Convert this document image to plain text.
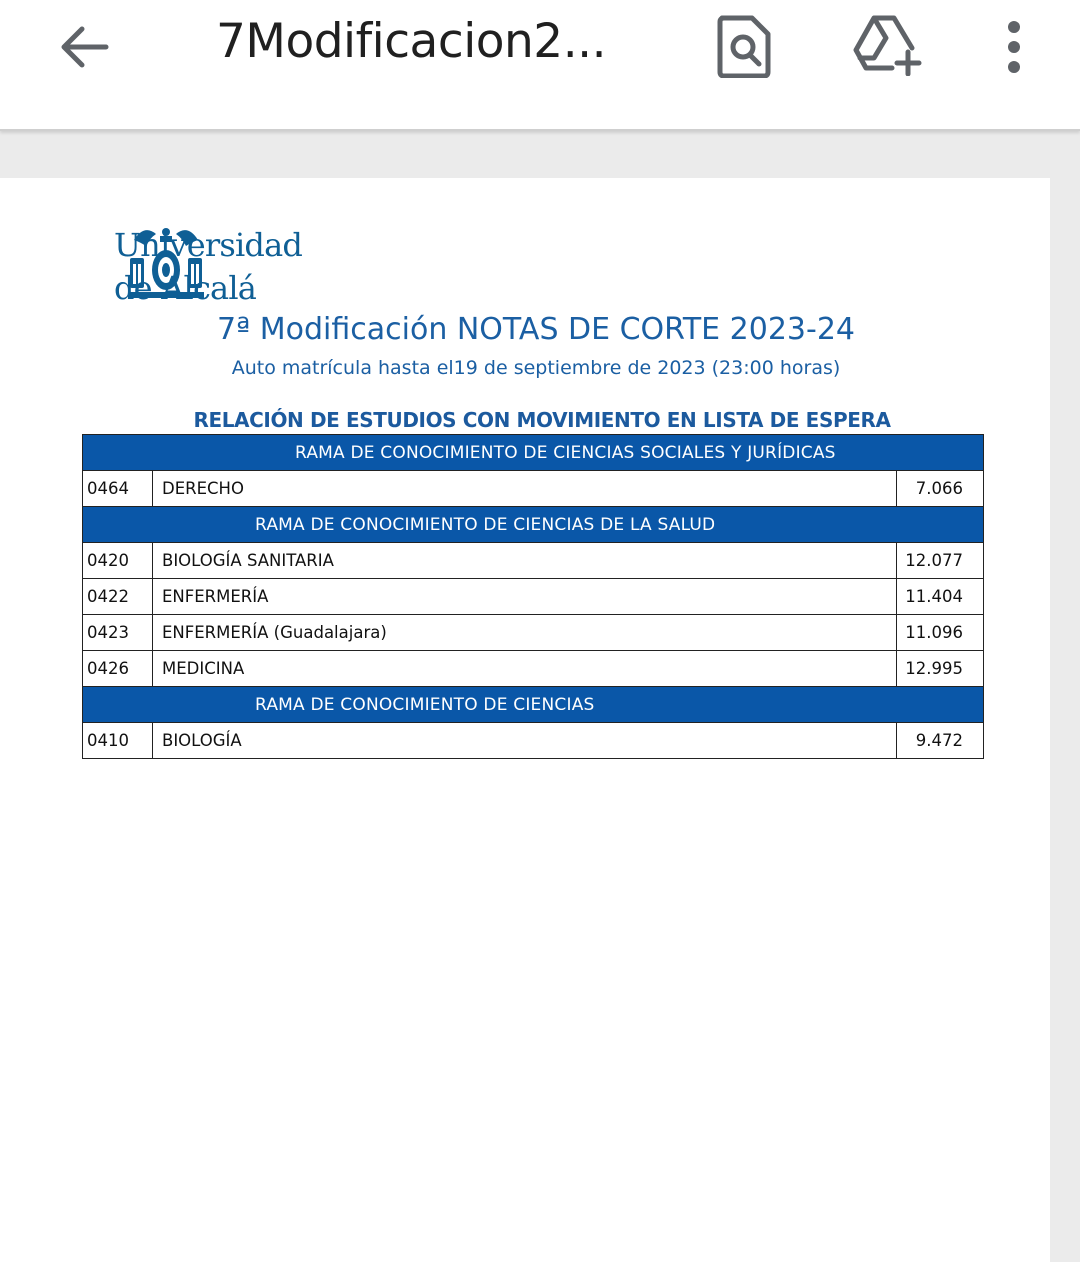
7Modificacion2...
Universidad
de Alcalá
7ª Modificación NOTAS DE CORTE 2023-24
Auto matrícula hasta el19 de septiembre de 2023 (23:00 horas)
RELACIÓN DE ESTUDIOS CON MOVIMIENTO EN LISTA DE ESPERA
RAMA DE CONOCIMIENTO DE CIENCIAS SOCIALES Y JURÍDICAS		
0464	DERECHO	7.066
RAMA DE CONOCIMIENTO DE CIENCIAS DE LA SALUD		
0420	BIOLOGÍA SANITARIA	12.077
0422	ENFERMERÍA	11.404
0423	ENFERMERÍA (Guadalajara)	11.096
0426	MEDICINA	12.995
RAMA DE CONOCIMIENTO DE CIENCIAS		
0410	BIOLOGÍA	9.472
